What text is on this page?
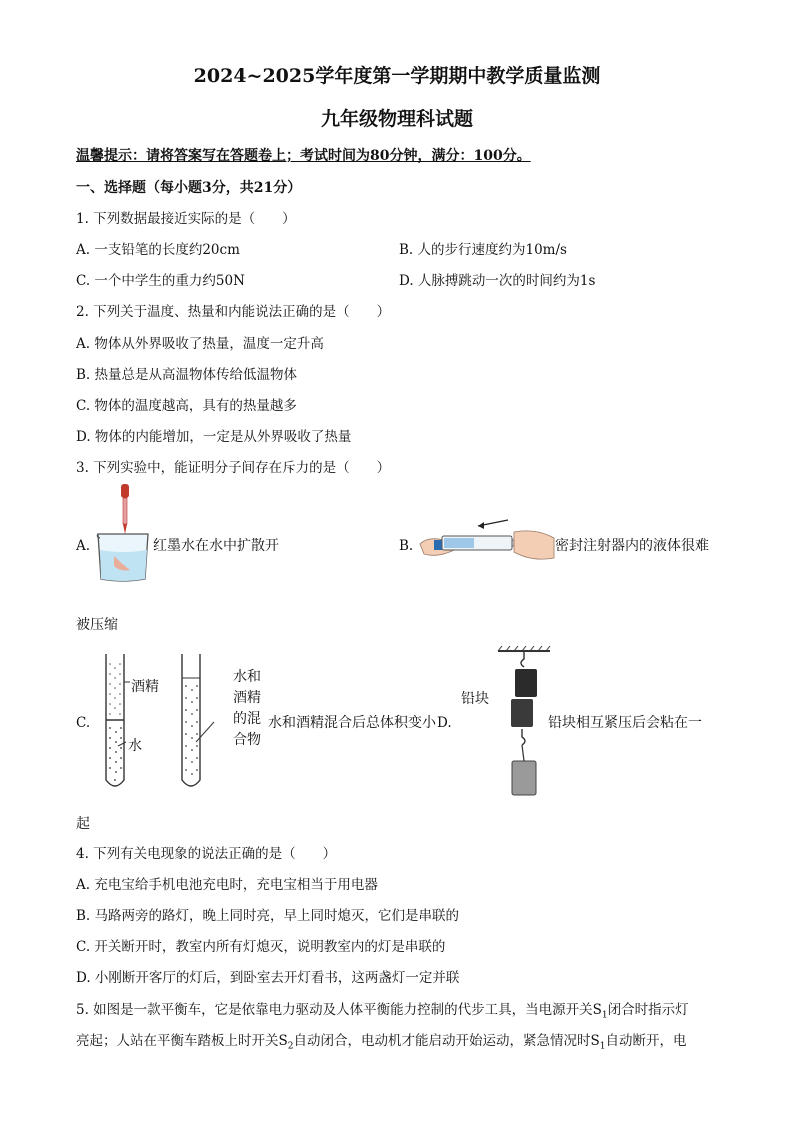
2024~2025学年度第一学期期中教学质量监测
九年级物理科试题
温馨提示：请将答案写在答题卷上；考试时间为80分钟，满分：100分。
一、选择题（每小题3分，共21分）
1. 下列数据最接近实际的是（　　）
A. 一支铅笔的长度约20cm	B. 人的步行速度约为10m/s
C. 一个中学生的重力约50N	D. 人脉搏跳动一次的时间约为1s
2. 下列关于温度、热量和内能说法正确的是（　　）
A. 物体从外界吸收了热量，温度一定升高
B. 热量总是从高温物体传给低温物体
C. 物体的温度越高，具有的热量越多
D. 物体的内能增加，一定是从外界吸收了热量
3. 下列实验中，能证明分子间存在斥力的是（　　）
A.	红墨水在水中扩散开	B.	密封注射器内的液体很难
被压缩
C.
酒精
水
水和
酒精
的混
合物
水和酒精混合后总体积变小 D.
铅块
铅块相互紧压后会粘在一
起
4. 下列有关电现象的说法正确的是（　　）
A. 充电宝给手机电池充电时，充电宝相当于用电器
B. 马路两旁的路灯，晚上同时亮，早上同时熄灭，它们是串联的
C. 开关断开时，教室内所有灯熄灭，说明教室内的灯是串联的
D. 小刚断开客厅的灯后，到卧室去开灯看书，这两盏灯一定并联
5. 如图是一款平衡车，它是依靠电力驱动及人体平衡能力控制的代步工具，当电源开关$S_1$闭合时指示灯
亮起；人站在平衡车踏板上时开关$S_2$自动闭合，电动机才能启动开始运动，紧急情况时$S_1$自动断开，电
